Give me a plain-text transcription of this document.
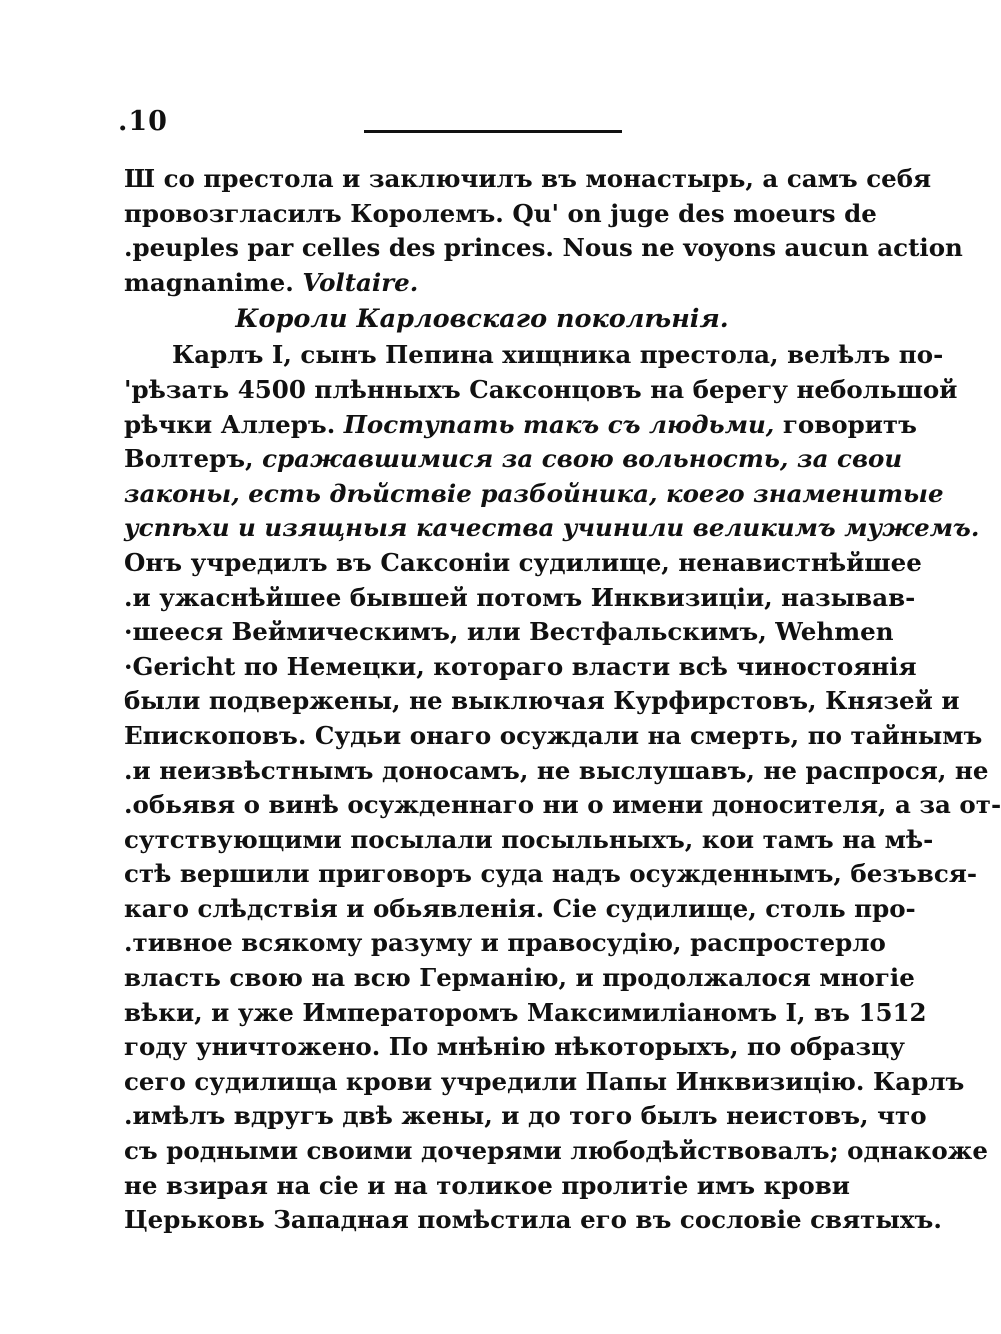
.10
Ш со престола и заключилъ въ монастырь, а самъ себя
провозгласилъ Королемъ. Qu' on juge des moeurs de
.peuples par celles des princes. Nous ne voyons aucun action
magnanime. Voltaire.
Короли Карловскаго поколѣнія.
Карлъ I, сынъ Пепина хищника престола, велѣлъ по-
'рѣзать 4500 плѣнныхъ Саксонцовъ на берегу небольшой
рѣчки Аллеръ. Поступать такъ съ людьми, говоритъ
Волтеръ, сражавшимися за свою вольность, за свои
законы, есть дѣйствіе разбойника, коего знаменитые
успѣхи и изящныя качества учинили великимъ мужемъ.
Онъ учредилъ въ Саксоніи судилище, ненавистнѣйшее
.и ужаснѣйшее бывшей потомъ Инквизиціи, называв-
·шееся Веймическимъ, или Вестфальскимъ, Wehmen
·Gericht по Немецки, котораго власти всѣ чиностоянія
были подвержены, не выключая Курфирстовъ, Князей и
Епископовъ. Судьи онаго осуждали на смерть, по тайнымъ
.и неизвѣстнымъ доносамъ, не выслушавъ, не распрося, не
.обьявя о винѣ осужденнаго ни о имени доносителя, а за от-
сутствующими посылали посыльныхъ, кои тамъ на мѣ-
стѣ вершили приговоръ суда надъ осужденнымъ, безъвся-
каго слѣдствія и обьявленія. Сіе судилище, столь про-
.тивное всякому разуму и правосудію, распростерло
власть свою на всю Германію, и продолжалося многіе
вѣки, и уже Императоромъ Максимиліаномъ I, въ 1512
году уничтожено. По мнѣнію нѣкоторыхъ, по образцу
сего судилища крови учредили Папы Инквизицію. Карлъ
.имѣлъ вдругъ двѣ жены, и до того былъ неистовъ, что
съ родными своими дочерями любодѣйствовалъ; однакоже
не взирая на сіе и на толикое пролитіе имъ крови
Церьковь Западная помѣстила его въ сословіе святыхъ.
